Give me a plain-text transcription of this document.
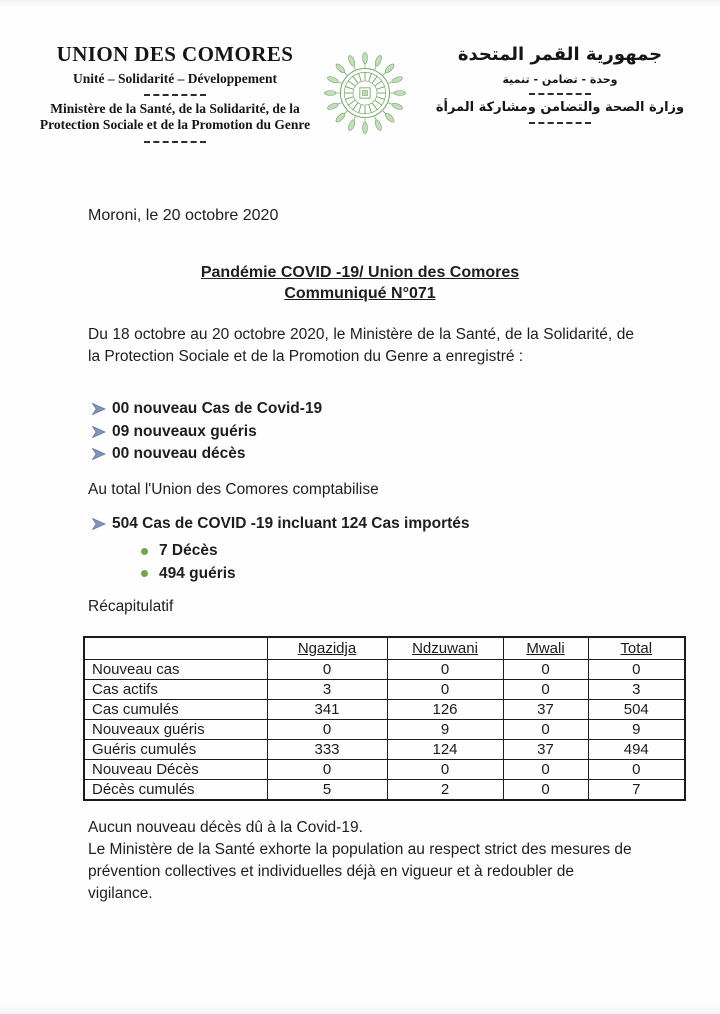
UNION DES COMORES
Unité – Solidarité – Développement
Ministère de la Santé, de la Solidarité, de la Protection Sociale et de la Promotion du Genre
جمهورية القمر المتحدة
وحدة - تضامن - تنمية
وزارة الصحة والتضامن ومشاركة المرأة
Moroni, le 20 octobre 2020
Pandémie COVID -19/ Union des Comores
Communiqué N°071
Du 18 octobre au 20 octobre 2020, le Ministère de la Santé, de la Solidarité, de la Protection Sociale et de la Promotion du Genre a enregistré :
00 nouveau Cas de Covid-19
09 nouveaux guéris
00 nouveau décès
Au total l'Union des Comores comptabilise
504 Cas de COVID -19 incluant 124 Cas importés
7 Décès
494 guéris
Récapitulatif
	Ngazidja	Ndzuwani	Mwali	Total
Nouveau cas	0	0	0	0
Cas actifs	3	0	0	3
Cas cumulés	341	126	37	504
Nouveaux guéris	0	9	0	9
Guéris cumulés	333	124	37	494
Nouveau Décès	0	0	0	0
Décès cumulés	5	2	0	7
Aucun nouveau décès dû à la Covid-19.
Le Ministère de la Santé exhorte la population au respect strict des mesures de prévention collectives et individuelles déjà en vigueur et à redoubler de vigilance.
